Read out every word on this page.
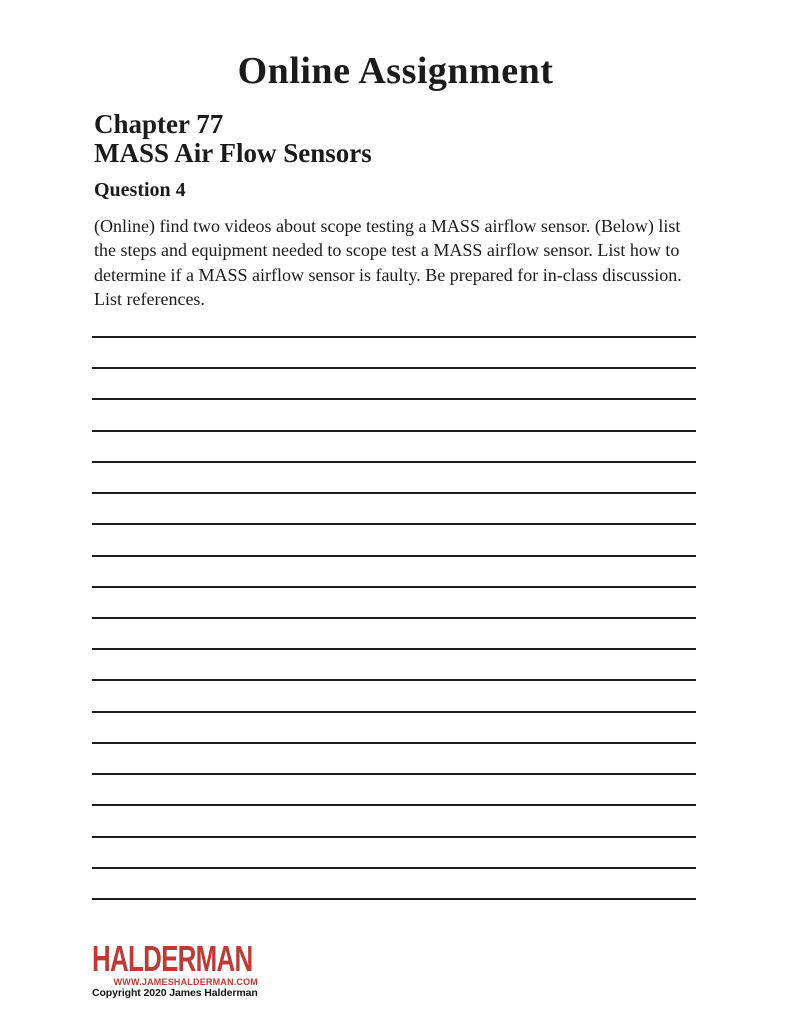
Online Assignment
Chapter 77
MASS Air Flow Sensors
Question 4
(Online) find two videos about scope testing a MASS airflow sensor. (Below) list
the steps and equipment needed to scope test a MASS airflow sensor. List how to
determine if a MASS airflow sensor is faulty. Be prepared for in-class discussion.
List references.
HALDERMAN
WWW.JAMESHALDERMAN.COM
Copyright 2020 James Halderman
